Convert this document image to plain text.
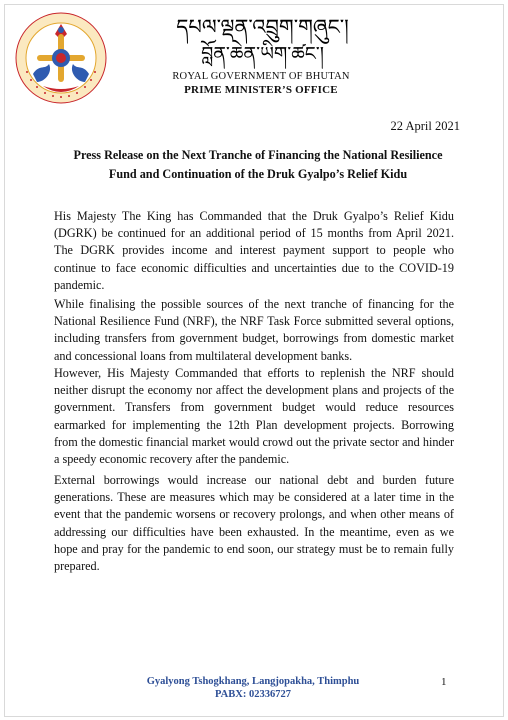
དཔལ་ལྡན་འབྲུག་གཞུང་།
བློན་ཆེན་ཡིག་ཚང་།
ROYAL GOVERNMENT OF BHUTAN
PRIME MINISTER’S OFFICE
22 April 2021
Press Release on the Next Tranche of Financing the National Resilience Fund and Continuation of the Druk Gyalpo’s Relief Kidu

His Majesty The King has Commanded that the Druk Gyalpo’s Relief Kidu (DGRK) be continued for an additional period of 15 months from April 2021. The DGRK provides income and interest payment support to people who continue to face economic difficulties and uncertainties due to the COVID-19 pandemic.

While finalising the possible sources of the next tranche of financing for the National Resilience Fund (NRF), the NRF Task Force submitted several options, including transfers from government budget, borrowings from domestic market and concessional loans from multilateral development banks.

However, His Majesty Commanded that efforts to replenish the NRF should neither disrupt the economy nor affect the development plans and projects of the government. Transfers from government budget would reduce resources earmarked for implementing the 12th Plan development projects. Borrowing from the domestic financial market would crowd out the private sector and hinder a speedy economic recovery after the pandemic.

External borrowings would increase our national debt and burden future generations. These are measures which may be considered at a later time in the event that the pandemic worsens or recovery prolongs, and when other means of addressing our difficulties have been exhausted. In the meantime, even as we hope and pray for the pandemic to end soon, our strategy must be to remain fully prepared.

Gyalyong Tshogkhang, Langjopakha, Thimphu
PABX: 02336727
1
